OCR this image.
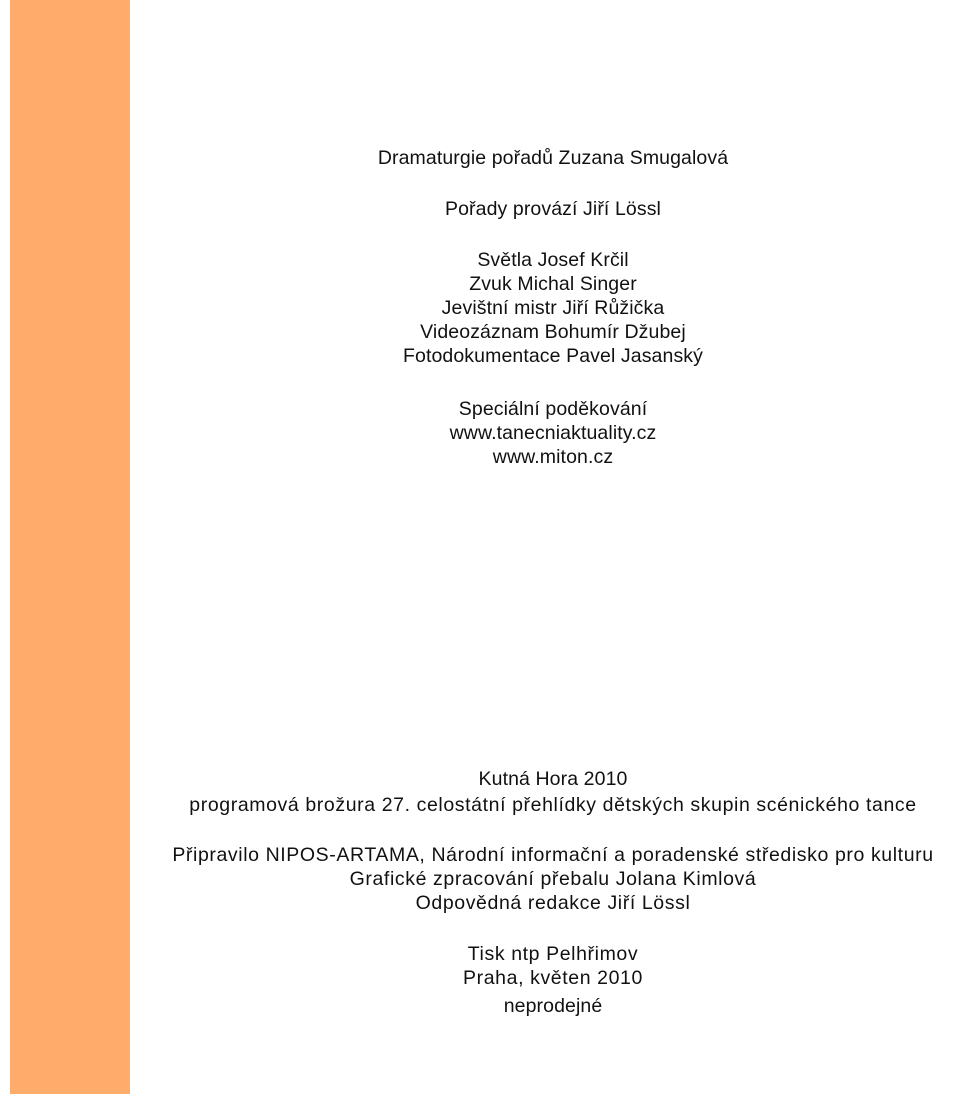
Dramaturgie pořadů Zuzana Smugalová
Pořady provází Jiří Lössl
Světla Josef Krčil
Zvuk Michal Singer
Jevištní mistr Jiří Růžička
Videozáznam Bohumír Džubej
Fotodokumentace Pavel Jasanský
Speciální poděkování
www.tanecniaktuality.cz
www.miton.cz
Kutná Hora 2010
programová brožura 27. celostátní přehlídky dětských skupin scénického tance
Připravilo NIPOS-ARTAMA, Národní informační a poradenské středisko pro kulturu
Grafické zpracování přebalu Jolana Kimlová
Odpovědná redakce Jiří Lössl
Tisk ntp Pelhřimov
Praha, květen 2010
neprodejné
